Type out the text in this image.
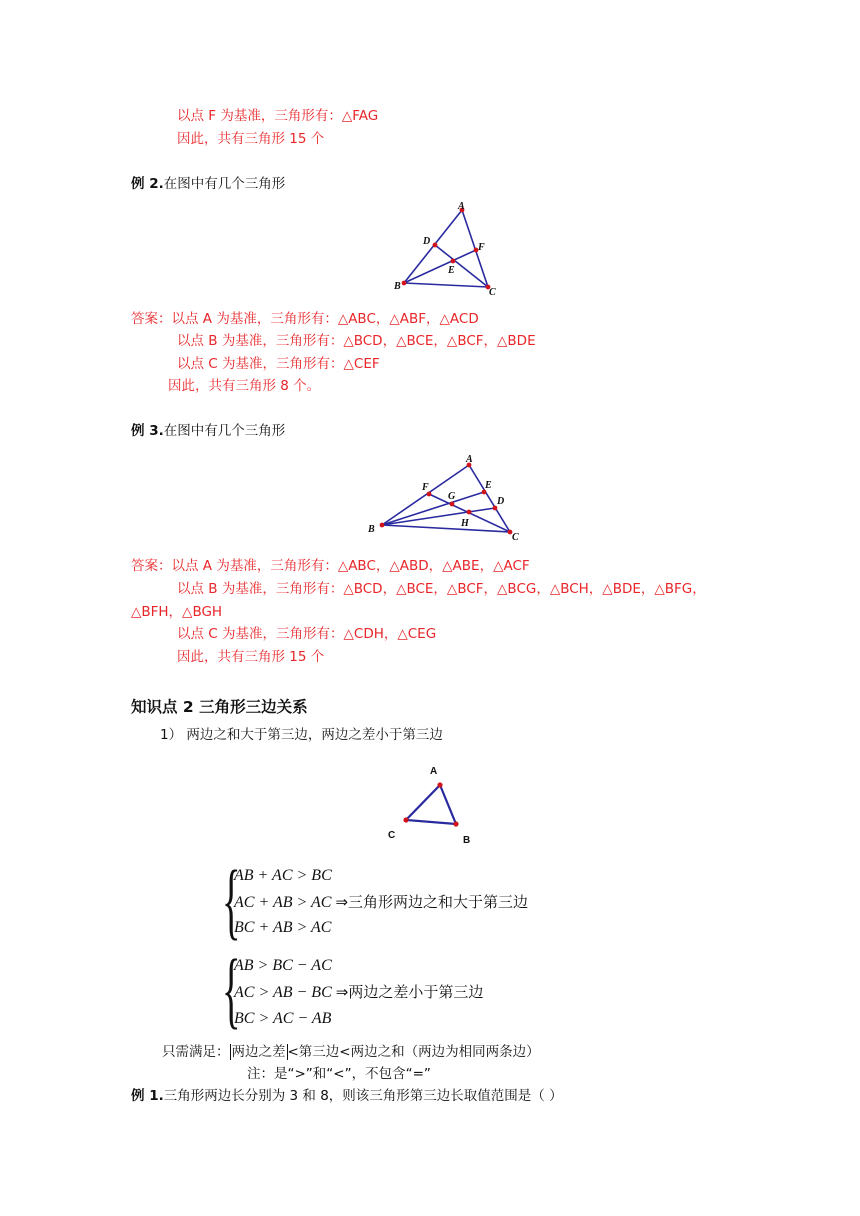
以点 F 为基准，三角形有：△FAG
因此，共有三角形 15 个
例 2.在图中有几个三角形
A
B
C
D
F
E
答案：以点 A 为基准，三角形有：△ABC，△ABF，△ACD
以点 B 为基准，三角形有：△BCD，△BCE，△BCF，△BDE
以点 C 为基准，三角形有：△CEF
因此，共有三角形 8 个。
例 3.在图中有几个三角形
A
B
C
D
E
F
G
H
答案：以点 A 为基准，三角形有：△ABC，△ABD，△ABE，△ACF
以点 B 为基准，三角形有：△BCD，△BCE，△BCF，△BCG，△BCH，△BDE，△BFG，
△BFH，△BGH
以点 C 为基准，三角形有：△CDH，△CEG
因此，共有三角形 15 个
知识点 2 三角形三边关系
1） 两边之和大于第三边，两边之差小于第三边
A
B
C
{
AB + AC > BC
AC + AB > AC ⇒三角形两边之和大于第三边
BC + AB > AC
{
AB > BC − AC
AC > AB − BC ⇒两边之差小于第三边
BC > AC − AB
只需满足： 两边之差 <第三边<两边之和（两边为相同两条边）
注：是“>”和“<”，不包含“=”
例 1.三角形两边长分别为 3 和 8，则该三角形第三边长取值范围是（ ）
